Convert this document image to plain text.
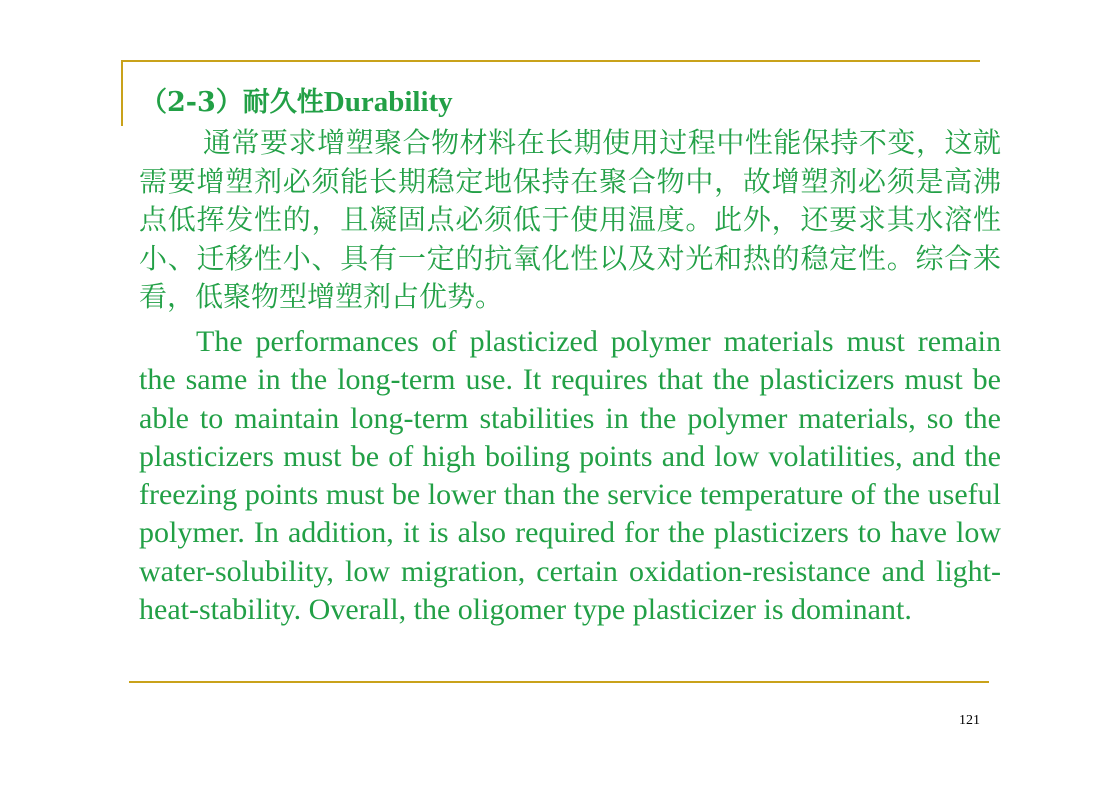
（2-3）耐久性Durability

通常要求增塑聚合物材料在长期使用过程中性能保持不变，这就需要增塑剂必须能长期稳定地保持在聚合物中，故增塑剂必须是高沸点低挥发性的，且凝固点必须低于使用温度。此外，还要求其水溶性小、迁移性小、具有一定的抗氧化性以及对光和热的稳定性。综合来看，低聚物型增塑剂占优势。

The performances of plasticized polymer materials must remain the same in the long-term use. It requires that the plasticizers must be able to maintain long-term stabilities in the polymer materials, so the plasticizers must be of high boiling points and low volatilities, and the freezing points must be lower than the service temperature of the useful polymer. In addition, it is also required for the plasticizers to have low water-solubility, low migration, certain oxidation-resistance and light-heat-stability. Overall, the oligomer type plasticizer is dominant.

121
